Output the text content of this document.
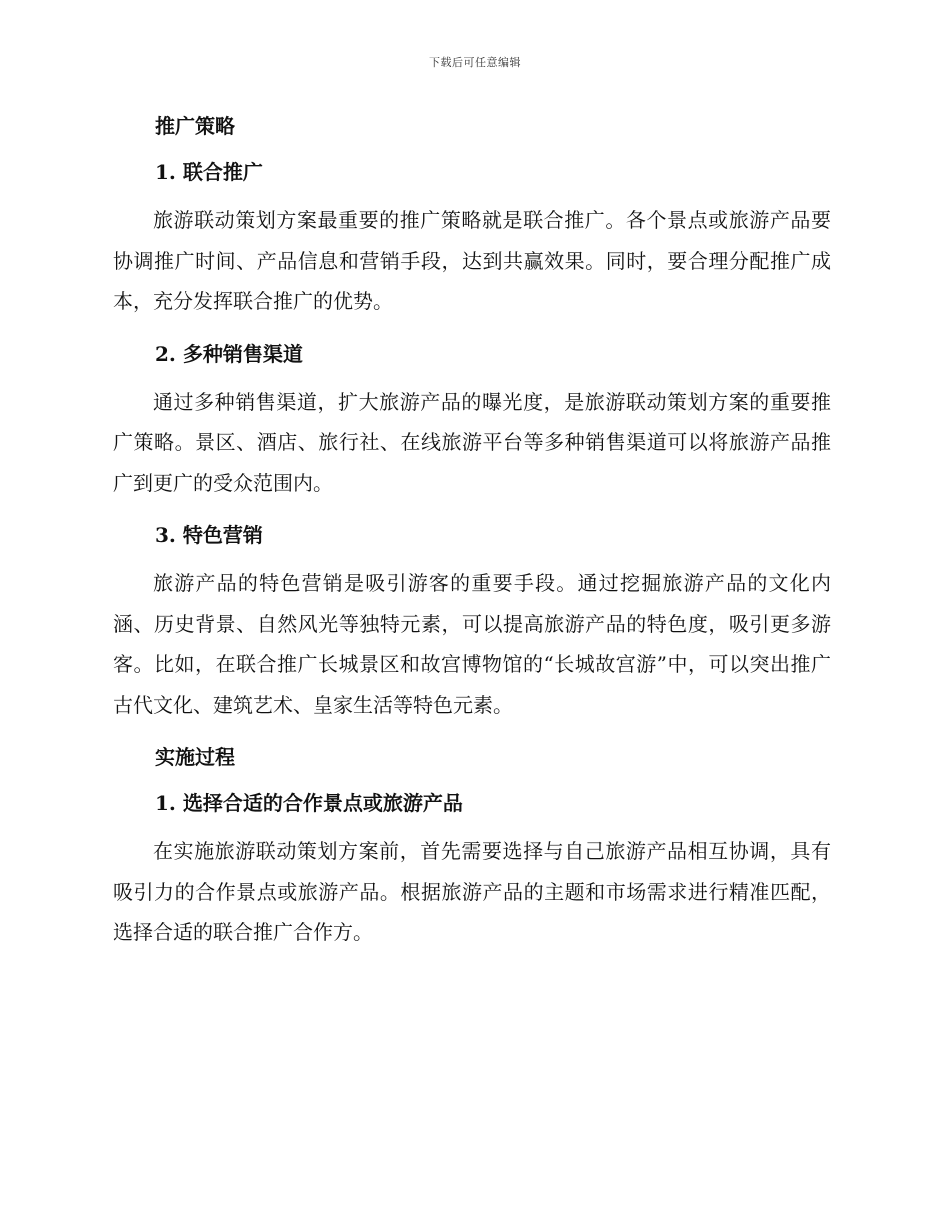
下载后可任意编辑
推广策略
1. 联合推广

旅游联动策划方案最重要的推广策略就是联合推广。各个景点或旅游产品要协调推广时间、产品信息和营销手段，达到共赢效果。同时，要合理分配推广成本，充分发挥联合推广的优势。

2. 多种销售渠道

通过多种销售渠道，扩大旅游产品的曝光度，是旅游联动策划方案的重要推广策略。景区、酒店、旅行社、在线旅游平台等多种销售渠道可以将旅游产品推广到更广的受众范围内。

3. 特色营销

旅游产品的特色营销是吸引游客的重要手段。通过挖掘旅游产品的文化内涵、历史背景、自然风光等独特元素，可以提高旅游产品的特色度，吸引更多游客。比如，在联合推广长城景区和故宫博物馆的“长城故宫游”中，可以突出推广古代文化、建筑艺术、皇家生活等特色元素。

实施过程
1. 选择合适的合作景点或旅游产品

在实施旅游联动策划方案前，首先需要选择与自己旅游产品相互协调，具有吸引力的合作景点或旅游产品。根据旅游产品的主题和市场需求进行精准匹配，选择合适的联合推广合作方。
